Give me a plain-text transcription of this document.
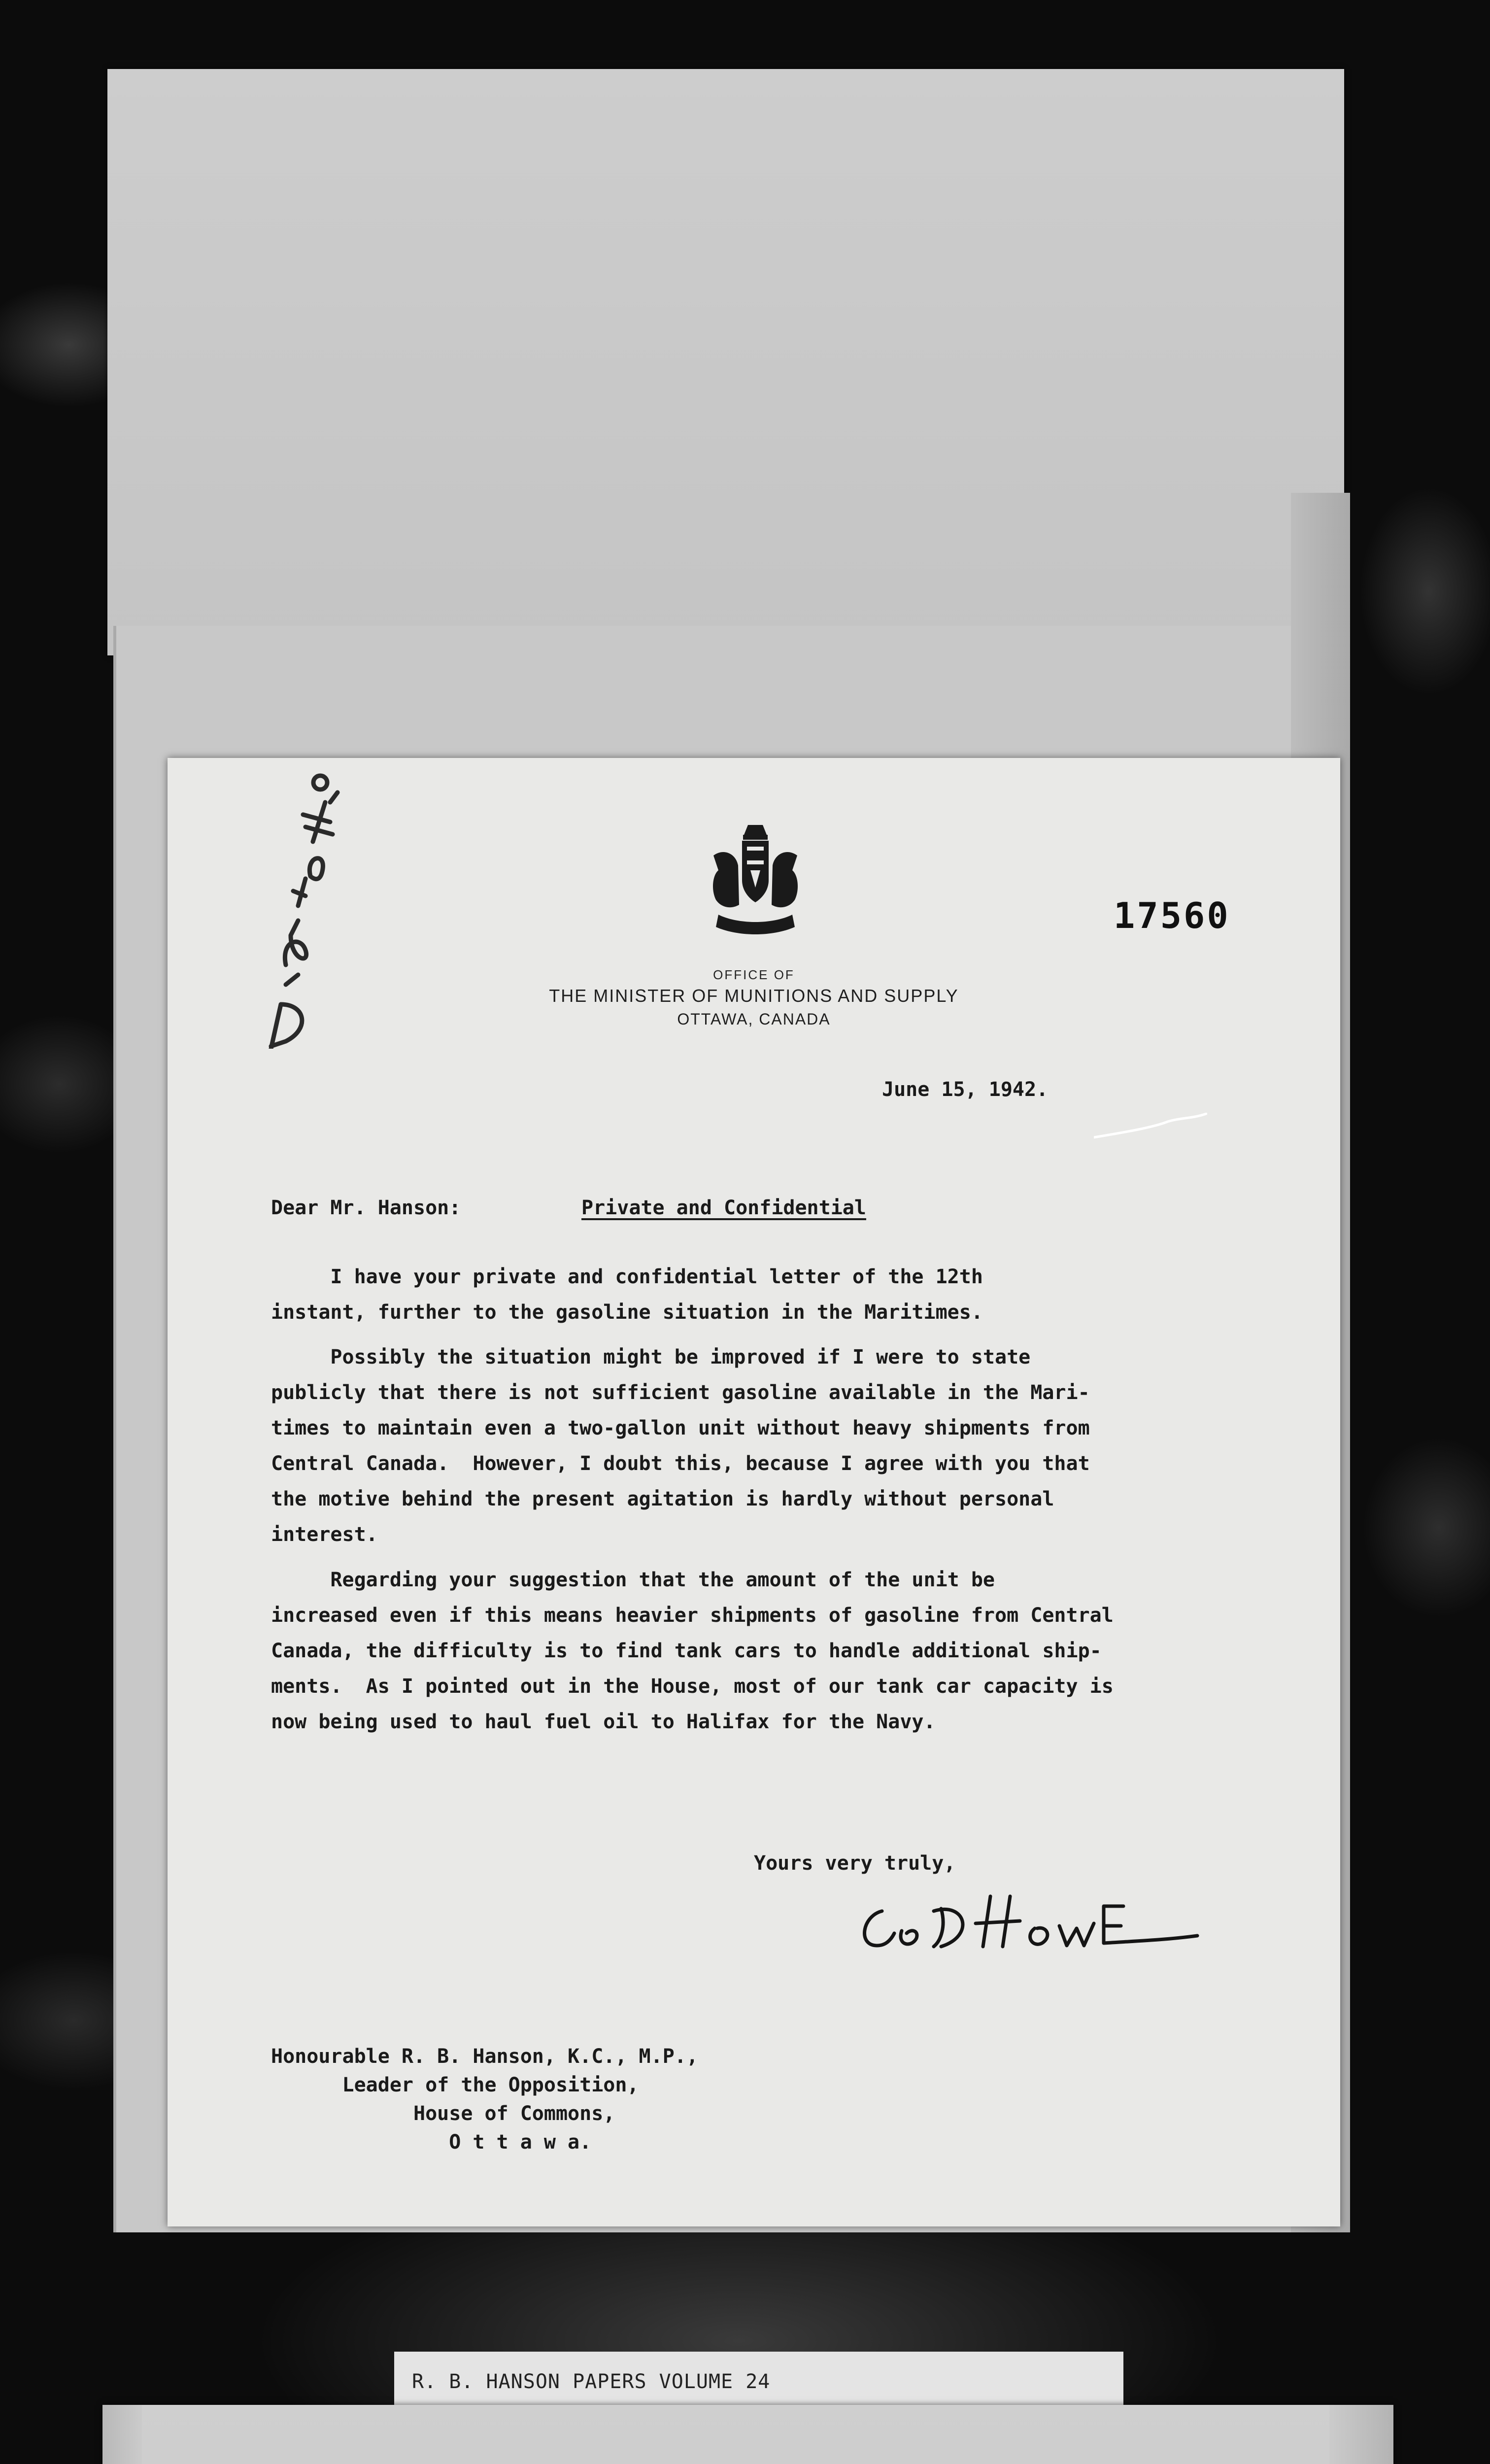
OFFICE OF
THE MINISTER OF MUNITIONS AND SUPPLY
OTTAWA, CANADA
17560
June 15, 1942.
Dear Mr. Hanson:	Private and Confidential
I have your private and confidential letter of the 12th
instant, further to the gasoline situation in the Maritimes.
Possibly the situation might be improved if I were to state
publicly that there is not sufficient gasoline available in the Mari-
times to maintain even a two-gallon unit without heavy shipments from
Central Canada.  However, I doubt this, because I agree with you that
the motive behind the present agitation is hardly without personal
interest.
Regarding your suggestion that the amount of the unit be
increased even if this means heavier shipments of gasoline from Central
Canada, the difficulty is to find tank cars to handle additional ship-
ments.  As I pointed out in the House, most of our tank car capacity is
now being used to haul fuel oil to Halifax for the Navy.
Yours very truly,
Honourable R. B. Hanson, K.C., M.P.,
Leader of the Opposition,
House of Commons,
O t t a w a.
R. B. HANSON PAPERS VOLUME 24
